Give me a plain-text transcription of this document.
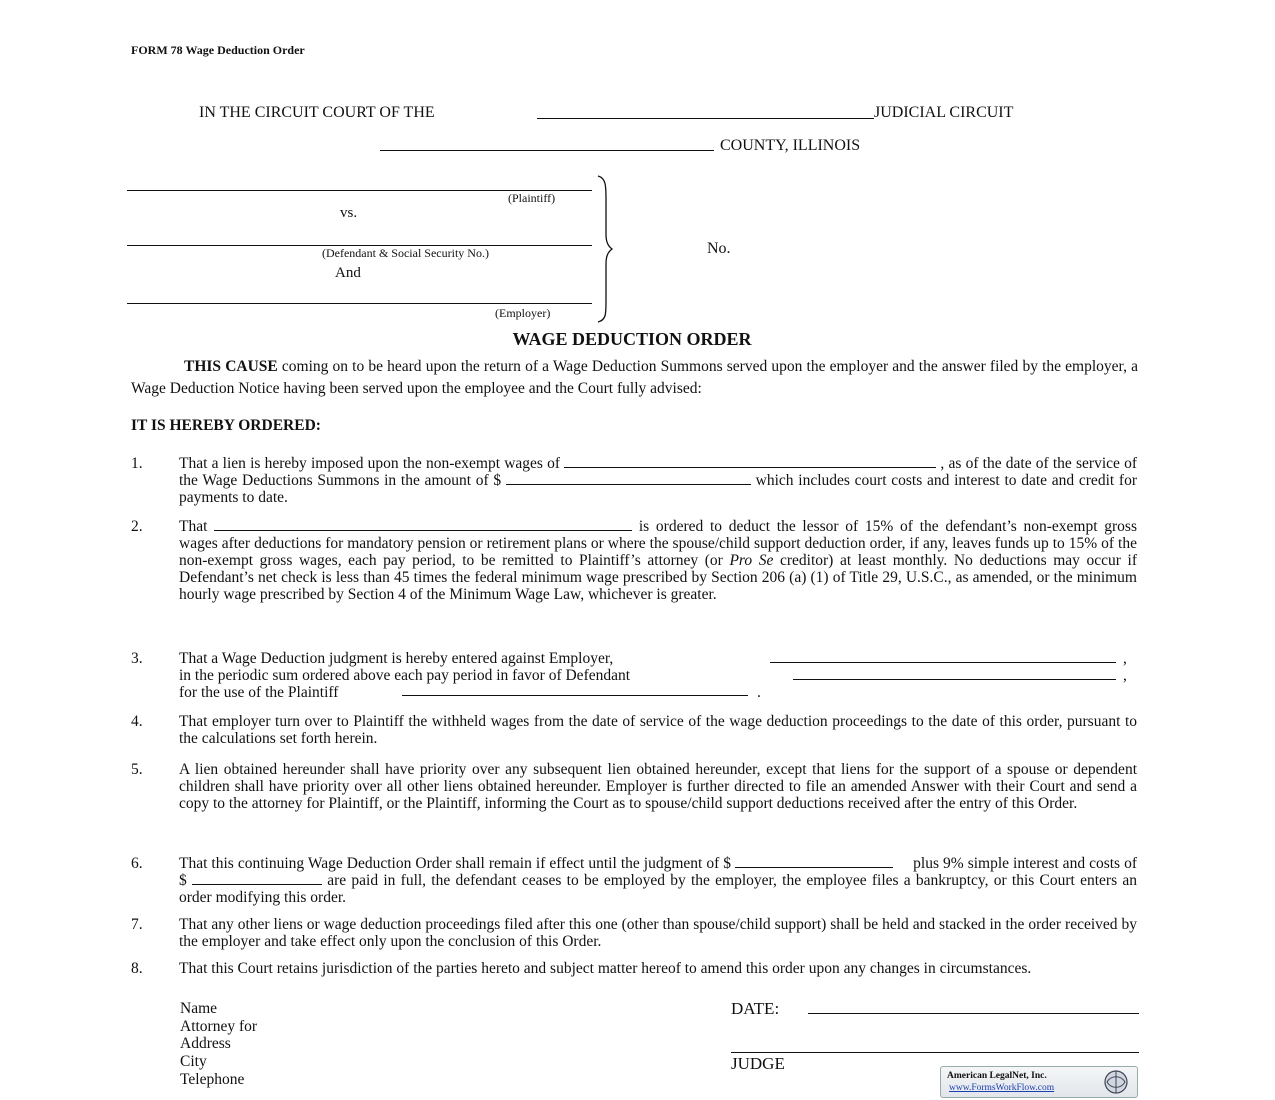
FORM 78 Wage Deduction Order
IN THE CIRCUIT COURT OF THE	JUDICIAL CIRCUIT
COUNTY, ILLINOIS
(Plaintiff)
vs.
(Defendant & Social Security No.)
And
(Employer)
No.
WAGE DEDUCTION ORDER
THIS CAUSE coming on to be heard upon the return of a Wage Deduction Summons served upon the employer and the answer filed by the employer, a Wage Deduction Notice having been served upon the employee and the Court fully advised:
IT IS HEREBY ORDERED:
1. That a lien is hereby imposed upon the non-exempt wages of	, as of the date of the service of the Wage Deductions Summons in the amount of $	which includes court costs and interest to date and credit for payments to date.
2. That	is ordered to deduct the lessor of 15% of the defendant’s non-exempt gross wages after deductions for mandatory pension or retirement plans or where the spouse/child support deduction order, if any, leaves funds up to 15% of the non-exempt gross wages, each pay period, to be remitted to Plaintiff’s attorney (or Pro Se creditor) at least monthly. No deductions may occur if Defendant’s net check is less than 45 times the federal minimum wage prescribed by Section 206 (a) (1) of Title 29, U.S.C., as amended, or the minimum hourly wage prescribed by Section 4 of the Minimum Wage Law, whichever is greater.
3. That a Wage Deduction judgment is hereby entered against Employer,	,
in the periodic sum ordered above each pay period in favor of Defendant	,
for the use of the Plaintiff	.
4. That employer turn over to Plaintiff the withheld wages from the date of service of the wage deduction proceedings to the date of this order, pursuant to the calculations set forth herein.
5. A lien obtained hereunder shall have priority over any subsequent lien obtained hereunder, except that liens for the support of a spouse or dependent children shall have priority over all other liens obtained hereunder. Employer is further directed to file an amended Answer with their Court and send a copy to the attorney for Plaintiff, or the Plaintiff, informing the Court as to spouse/child support deductions received after the entry of this Order.
6. That this continuing Wage Deduction Order shall remain if effect until the judgment of $	plus 9% simple interest and costs of $	are paid in full, the defendant ceases to be employed by the employer, the employee files a bankruptcy, or this Court enters an order modifying this order.
7. That any other liens or wage deduction proceedings filed after this one (other than spouse/child support) shall be held and stacked in the order received by the employer and take effect only upon the conclusion of this Order.
8. That this Court retains jurisdiction of the parties hereto and subject matter hereof to amend this order upon any changes in circumstances.
Name
Attorney for
Address
City
Telephone
DATE:
JUDGE
American LegalNet, Inc.
www.FormsWorkFlow.com
